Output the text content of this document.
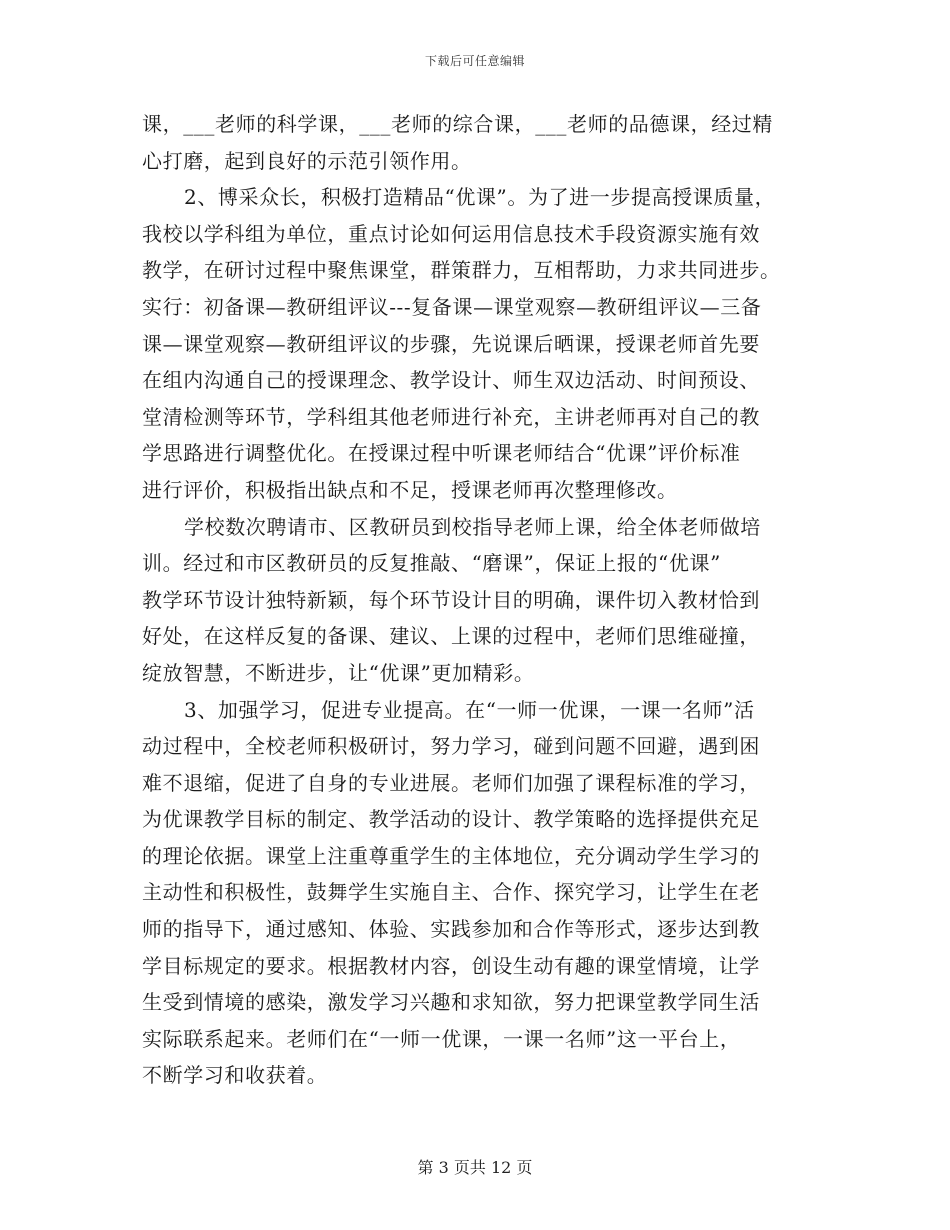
下载后可任意编辑
课，___老师的科学课，___老师的综合课，___老师的品德课，经过精
心打磨，起到良好的示范引领作用。
2、博采众长，积极打造精品“优课”。为了进一步提高授课质量，
我校以学科组为单位，重点讨论如何运用信息技术手段资源实施有效
教学，在研讨过程中聚焦课堂，群策群力，互相帮助，力求共同进步。
实行：初备课—教研组评议---复备课—课堂观察—教研组评议—三备
课—课堂观察—教研组评议的步骤，先说课后晒课，授课老师首先要
在组内沟通自己的授课理念、教学设计、师生双边活动、时间预设、
堂清检测等环节，学科组其他老师进行补充，主讲老师再对自己的教
学思路进行调整优化。在授课过程中听课老师结合“优课”评价标准
进行评价，积极指出缺点和不足，授课老师再次整理修改。
学校数次聘请市、区教研员到校指导老师上课，给全体老师做培
训。经过和市区教研员的反复推敲、“磨课”，保证上报的“优课”
教学环节设计独特新颖，每个环节设计目的明确，课件切入教材恰到
好处，在这样反复的备课、建议、上课的过程中，老师们思维碰撞，
绽放智慧，不断进步，让“优课”更加精彩。
3、加强学习，促进专业提高。在“一师一优课，一课一名师”活
动过程中，全校老师积极研讨，努力学习，碰到问题不回避，遇到困
难不退缩，促进了自身的专业进展。老师们加强了课程标准的学习，
为优课教学目标的制定、教学活动的设计、教学策略的选择提供充足
的理论依据。课堂上注重尊重学生的主体地位，充分调动学生学习的
主动性和积极性，鼓舞学生实施自主、合作、探究学习，让学生在老
师的指导下，通过感知、体验、实践参加和合作等形式，逐步达到教
学目标规定的要求。根据教材内容，创设生动有趣的课堂情境，让学
生受到情境的感染，激发学习兴趣和求知欲，努力把课堂教学同生活
实际联系起来。老师们在“一师一优课，一课一名师”这一平台上，
不断学习和收获着。
第 3 页共 12 页
